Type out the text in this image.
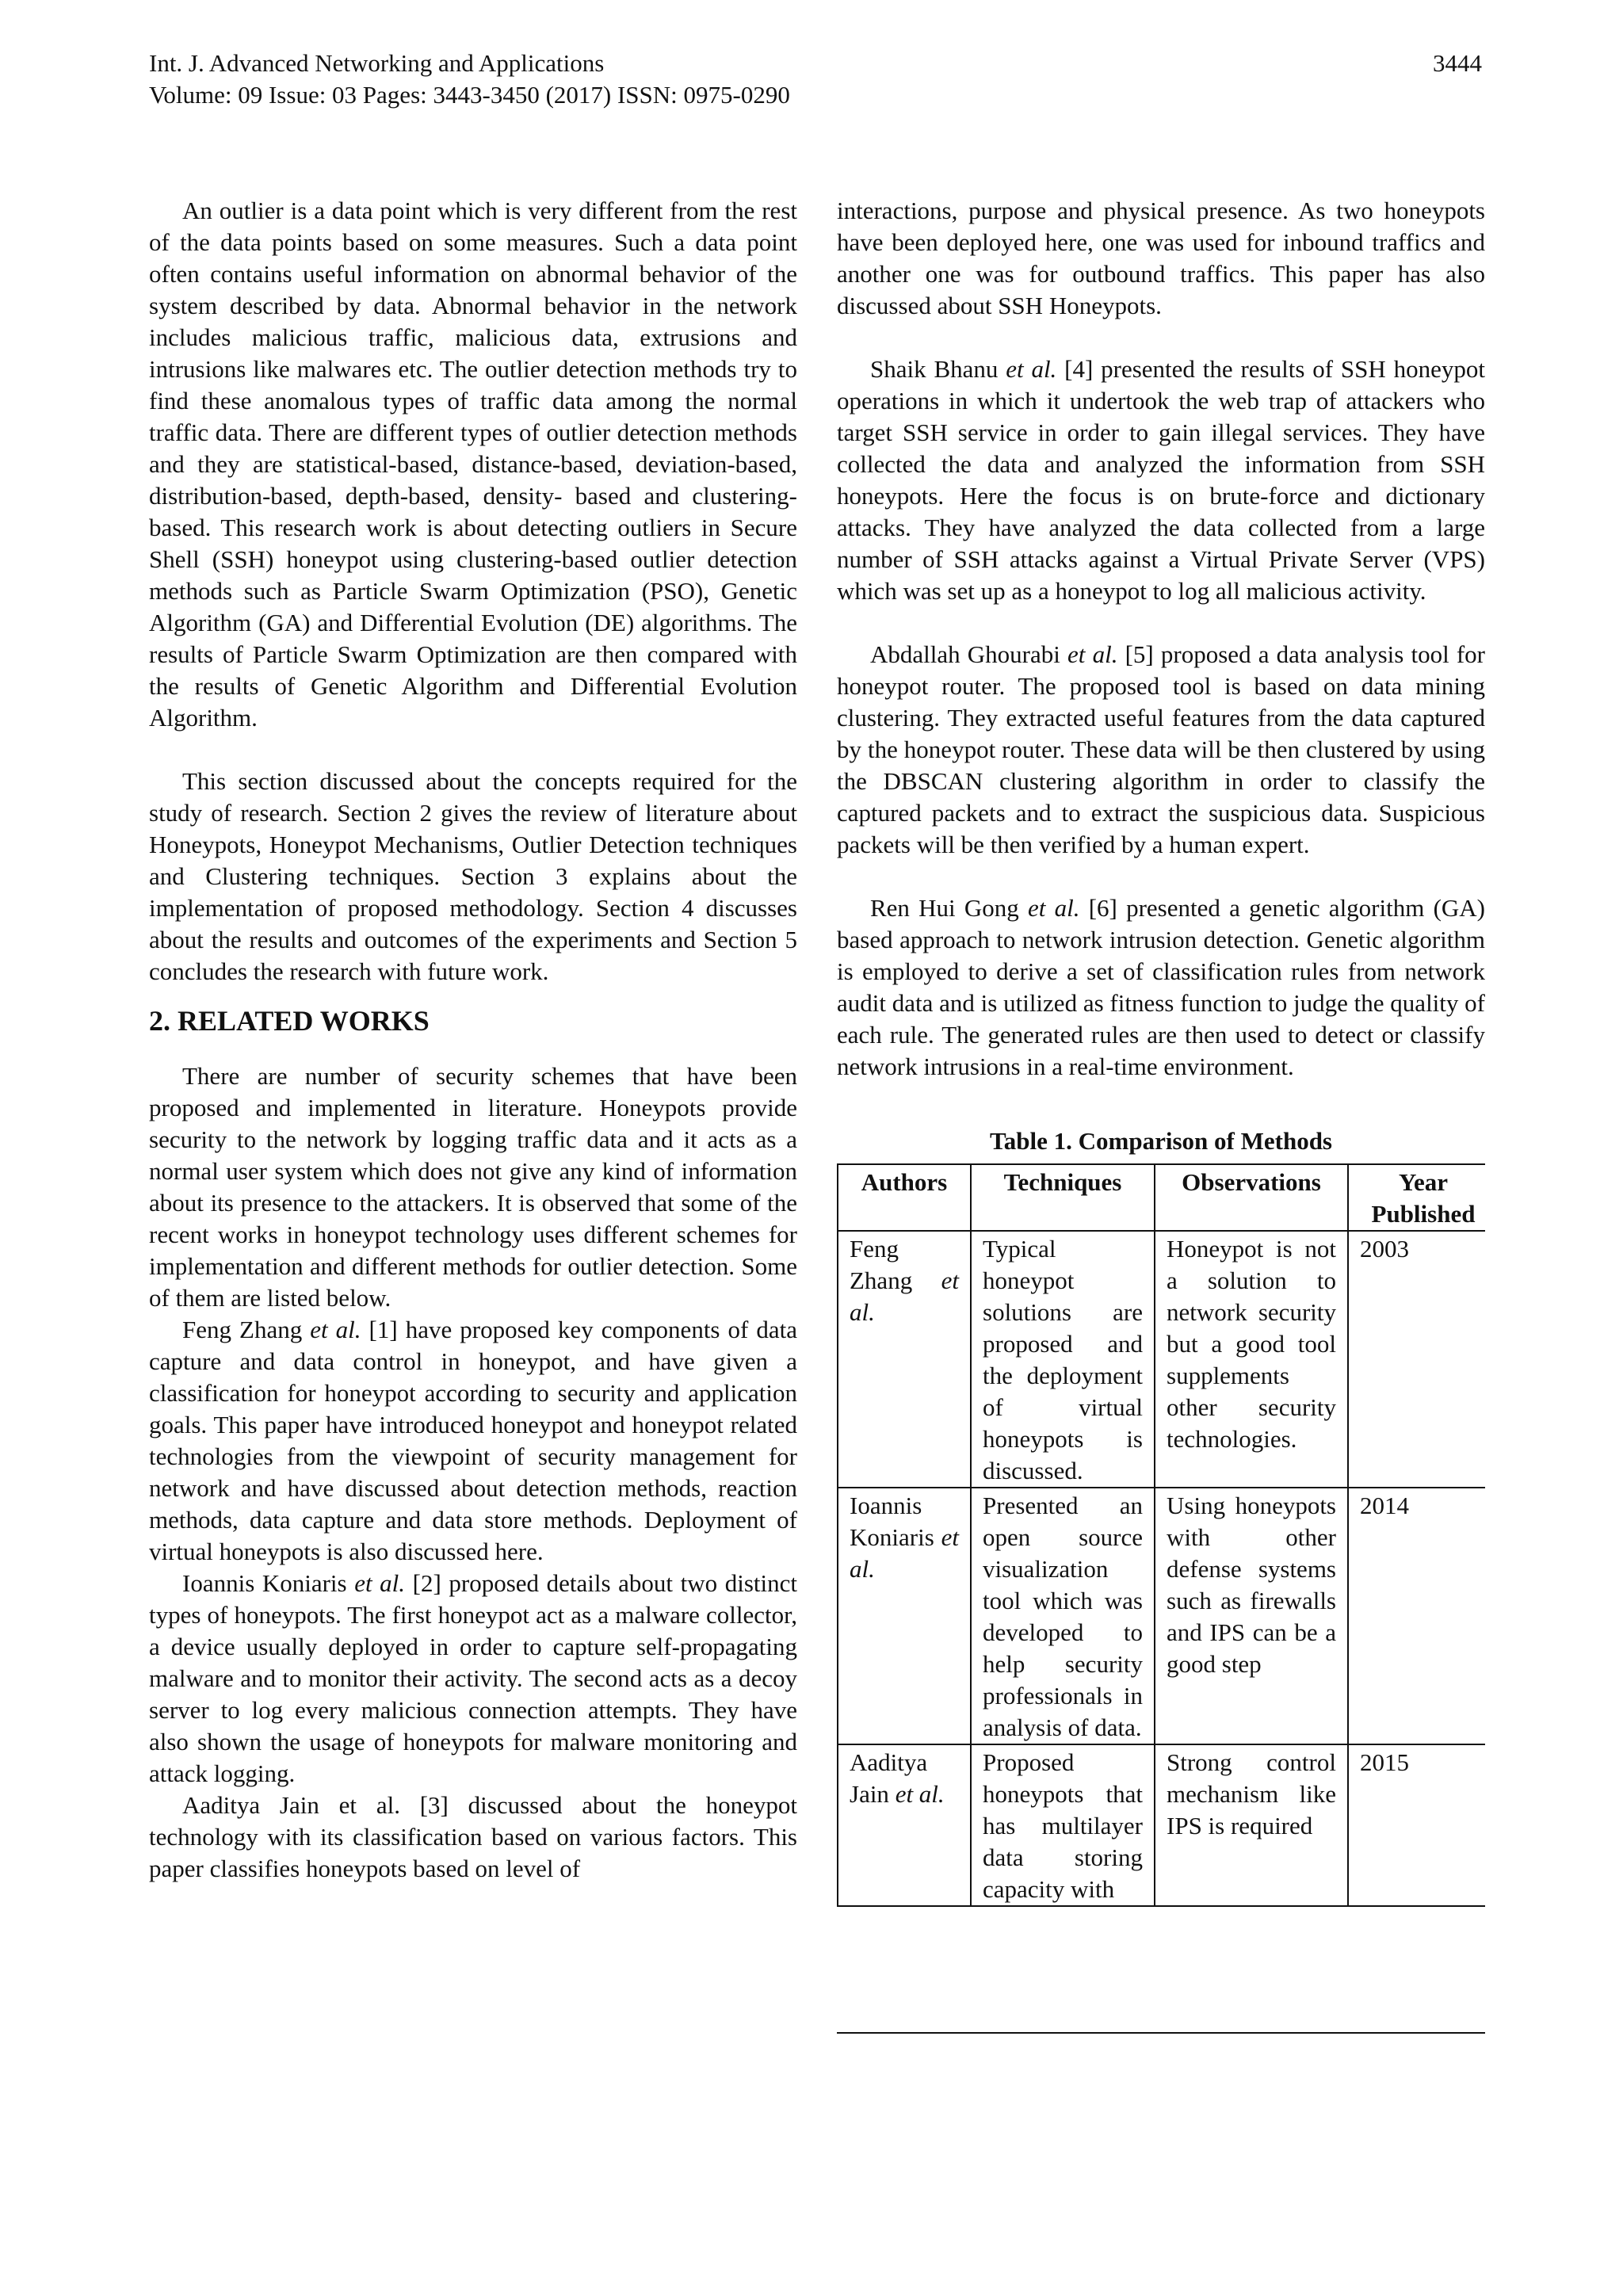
Int. J. Advanced Networking and Applications
Volume: 09 Issue: 03 Pages: 3443-3450 (2017) ISSN: 0975-0290
3444

An outlier is a data point which is very different from the rest of the data points based on some measures. Such a data point often contains useful information on abnormal behavior of the system described by data. Abnormal behavior in the network includes malicious traffic, malicious data, extrusions and intrusions like malwares etc. The outlier detection methods try to find these anomalous types of traffic data among the normal traffic data. There are different types of outlier detection methods and they are statistical-based, distance-based, deviation-based, distribution-based, depth-based, density- based and clustering-based. This research work is about detecting outliers in Secure Shell (SSH) honeypot using clustering-based outlier detection methods such as Particle Swarm Optimization (PSO), Genetic Algorithm (GA) and Differential Evolution (DE) algorithms. The results of Particle Swarm Optimization are then compared with the results of Genetic Algorithm and Differential Evolution Algorithm.

This section discussed about the concepts required for the study of research. Section 2 gives the review of literature about Honeypots, Honeypot Mechanisms, Outlier Detection techniques and Clustering techniques. Section 3 explains about the implementation of proposed methodology. Section 4 discusses about the results and outcomes of the experiments and Section 5 concludes the research with future work.

2. RELATED WORKS

There are number of security schemes that have been proposed and implemented in literature. Honeypots provide security to the network by logging traffic data and it acts as a normal user system which does not give any kind of information about its presence to the attackers. It is observed that some of the recent works in honeypot technology uses different schemes for implementation and different methods for outlier detection. Some of them are listed below.

Feng Zhang et al. [1] have proposed key components of data capture and data control in honeypot, and have given a classification for honeypot according to security and application goals. This paper have introduced honeypot and honeypot related technologies from the viewpoint of security management for network and have discussed about detection methods, reaction methods, data capture and data store methods. Deployment of virtual honeypots is also discussed here.

Ioannis Koniaris et al. [2] proposed details about two distinct types of honeypots. The first honeypot act as a malware collector, a device usually deployed in order to capture self-propagating malware and to monitor their activity. The second acts as a decoy server to log every malicious connection attempts. They have also shown the usage of honeypots for malware monitoring and attack logging.

Aaditya Jain et al. [3] discussed about the honeypot technology with its classification based on various factors. This paper classifies honeypots based on level of

interactions, purpose and physical presence. As two honeypots have been deployed here, one was used for inbound traffics and another one was for outbound traffics. This paper has also discussed about SSH Honeypots.

Shaik Bhanu et al. [4] presented the results of SSH honeypot operations in which it undertook the web trap of attackers who target SSH service in order to gain illegal services. They have collected the data and analyzed the information from SSH honeypots. Here the focus is on brute-force and dictionary attacks. They have analyzed the data collected from a large number of SSH attacks against a Virtual Private Server (VPS) which was set up as a honeypot to log all malicious activity.

Abdallah Ghourabi et al. [5] proposed a data analysis tool for honeypot router. The proposed tool is based on data mining clustering. They extracted useful features from the data captured by the honeypot router. These data will be then clustered by using the DBSCAN clustering algorithm in order to classify the captured packets and to extract the suspicious data. Suspicious packets will be then verified by a human expert.

Ren Hui Gong et al. [6] presented a genetic algorithm (GA) based approach to network intrusion detection. Genetic algorithm is employed to derive a set of classification rules from network audit data and is utilized as fitness function to judge the quality of each rule. The generated rules are then used to detect or classify network intrusions in a real-time environment.

Table 1. Comparison of Methods
Authors	Techniques	Observations	Year Published
Feng Zhang et al.	Typical honeypot solutions are proposed and the deployment of virtual honeypots is discussed.	Honeypot is not a solution to network security but a good tool supplements other security technologies.	2003
Ioannis Koniaris et al.	Presented an open source visualization tool which was developed to help security professionals in analysis of data.	Using honeypots with other defense systems such as firewalls and IPS can be a good step	2014
Aaditya Jain et al.	Proposed honeypots that has multilayer data storing capacity with	Strong control mechanism like IPS is required	2015
